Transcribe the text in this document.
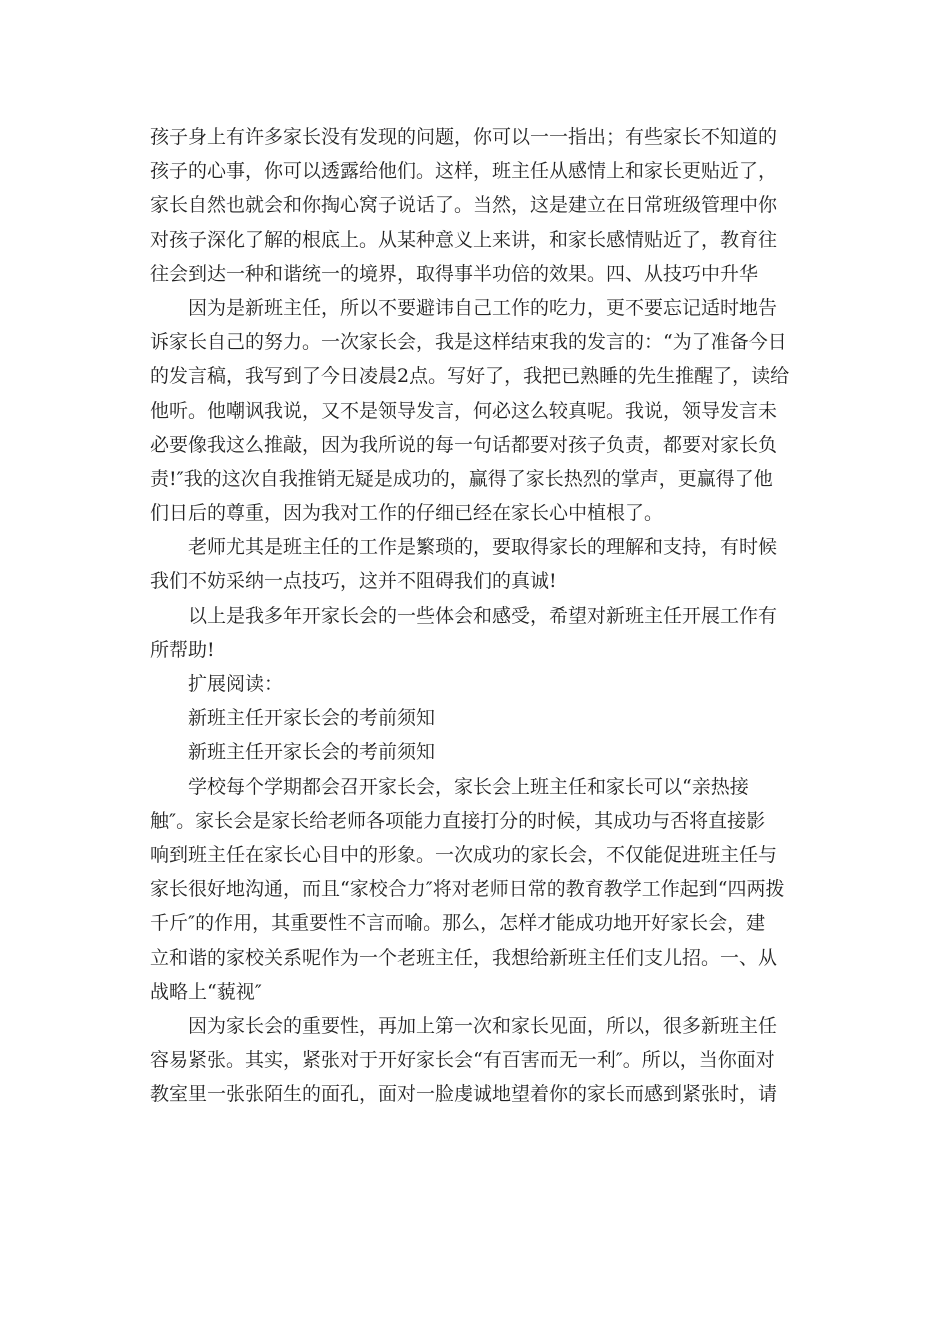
孩子身上有许多家长没有发现的问题，你可以一一指出；有些家长不知道的
孩子的心事，你可以透露给他们。这样，班主任从感情上和家长更贴近了，
家长自然也就会和你掏心窝子说话了。当然，这是建立在日常班级管理中你
对孩子深化了解的根底上。从某种意义上来讲，和家长感情贴近了，教育往
往会到达一种和谐统一的境界，取得事半功倍的效果。四、从技巧中升华
因为是新班主任，所以不要避讳自己工作的吃力，更不要忘记适时地告
诉家长自己的努力。一次家长会，我是这样结束我的发言的：“为了准备今日
的发言稿，我写到了今日凌晨2点。写好了，我把已熟睡的先生推醒了，读给
他听。他嘲讽我说，又不是领导发言，何必这么较真呢。我说，领导发言未
必要像我这么推敲，因为我所说的每一句话都要对孩子负责，都要对家长负
责!″我的这次自我推销无疑是成功的，赢得了家长热烈的掌声，更赢得了他
们日后的尊重，因为我对工作的仔细已经在家长心中植根了。
老师尤其是班主任的工作是繁琐的，要取得家长的理解和支持，有时候
我们不妨采纳一点技巧，这并不阻碍我们的真诚!
以上是我多年开家长会的一些体会和感受，希望对新班主任开展工作有
所帮助!
扩展阅读：
新班主任开家长会的考前须知
新班主任开家长会的考前须知
学校每个学期都会召开家长会，家长会上班主任和家长可以“亲热接
触″。家长会是家长给老师各项能力直接打分的时候，其成功与否将直接影
响到班主任在家长心目中的形象。一次成功的家长会，不仅能促进班主任与
家长很好地沟通，而且“家校合力″将对老师日常的教育教学工作起到“四两拨
千斤″的作用，其重要性不言而喻。那么，怎样才能成功地开好家长会，建
立和谐的家校关系呢作为一个老班主任，我想给新班主任们支儿招。一、从
战略上“藐视″
因为家长会的重要性，再加上第一次和家长见面，所以，很多新班主任
容易紧张。其实，紧张对于开好家长会“有百害而无一利″。所以，当你面对
教室里一张张陌生的面孔，面对一脸虔诚地望着你的家长而感到紧张时，请
